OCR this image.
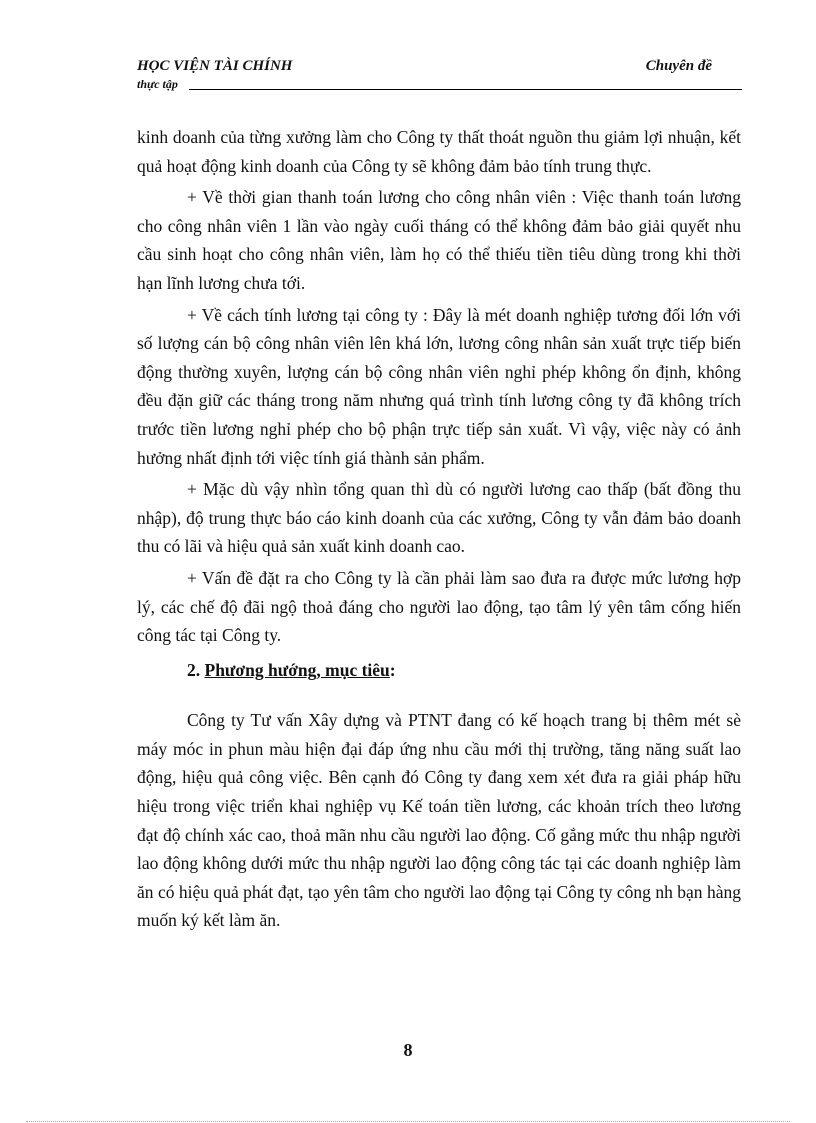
HỌC VIỆN TÀI CHÍNH
thực tập
Chuyên đề

kinh doanh của từng xưởng làm cho Công ty thất thoát nguồn thu giảm lợi nhuận, kết quả hoạt động kinh doanh của Công ty sẽ không đảm bảo tính trung thực.

+ Về thời gian thanh toán lương cho công nhân viên : Việc thanh toán lương cho công nhân viên 1 lần vào ngày cuối tháng có thể không đảm bảo giải quyết nhu cầu sinh hoạt cho công nhân viên, làm họ có thể thiếu tiền tiêu dùng trong khi thời hạn lĩnh lương chưa tới.

+ Về cách tính lương tại công ty : Đây là mét doanh nghiệp tương đối lớn với số lượng cán bộ công nhân viên lên khá lớn, lương công nhân sản xuất trực tiếp biến động thường xuyên, lượng cán bộ công nhân viên nghỉ phép không ổn định, không đều đặn giữ các tháng trong năm nhưng quá trình tính lương công ty đã không trích trước tiền lương nghỉ phép cho bộ phận trực tiếp sản xuất. Vì vậy, việc này có ảnh hưởng nhất định tới việc tính giá thành sản phẩm.

+ Mặc dù vậy nhìn tổng quan thì dù có người lương cao thấp (bất đồng thu nhập), độ trung thực báo cáo kinh doanh của các xưởng, Công ty vẫn đảm bảo doanh thu có lãi và hiệu quả sản xuất kinh doanh cao.

+ Vấn đề đặt ra cho Công ty là cần phải làm sao đưa ra được mức lương hợp lý, các chế độ đãi ngộ thoả đáng cho người lao động, tạo tâm lý yên tâm cống hiến công tác tại Công ty.

2. Phương hướng, mục tiêu:

Công ty Tư vấn Xây dựng và PTNT đang có kế hoạch trang bị thêm mét sè máy móc in phun màu hiện đại đáp ứng nhu cầu mới thị trường, tăng năng suất lao động, hiệu quả công việc. Bên cạnh đó Công ty đang xem xét đưa ra giải pháp hữu hiệu trong việc triển khai nghiệp vụ Kế toán tiền lương, các khoản trích theo lương đạt độ chính xác cao, thoả mãn nhu cầu người lao động. Cố gắng mức thu nhập người lao động không dưới mức thu nhập người lao động công tác tại các doanh nghiệp làm ăn có hiệu quả phát đạt, tạo yên tâm cho người lao động tại Công ty công nh bạn hàng muốn ký kết làm ăn.

8
